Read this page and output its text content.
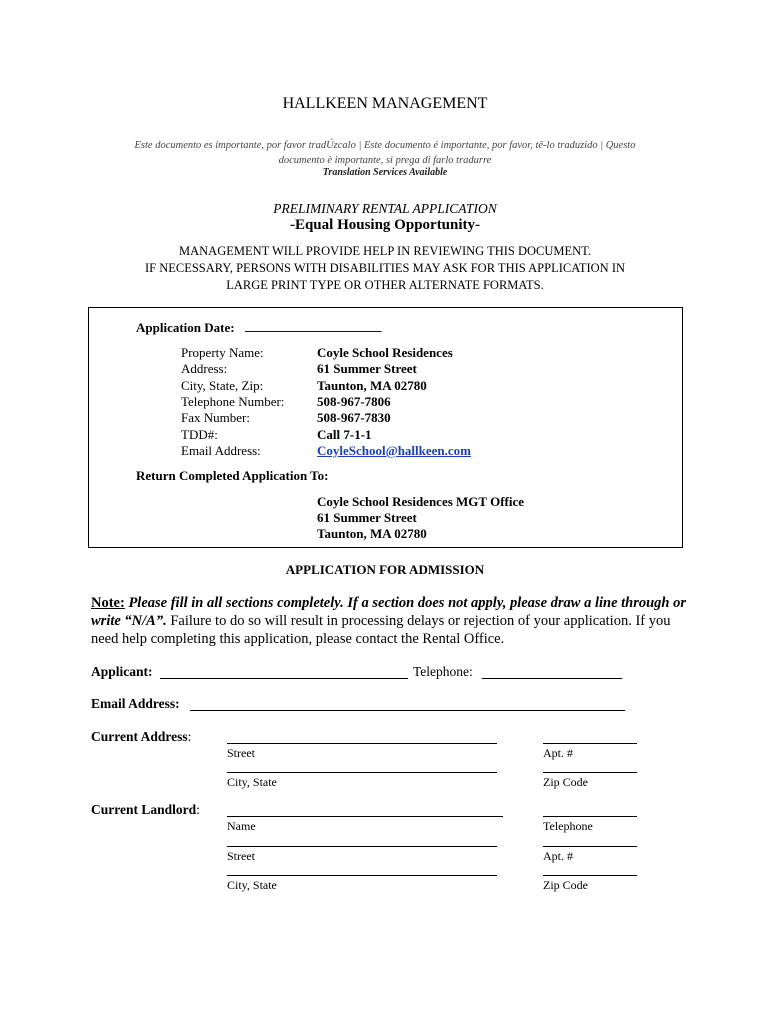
HALLKEEN MANAGEMENT
Este documento es importante, por favor tradÚzcalo | Este documento é importante, por favor, tê-lo traduzido | Questo
documento è importante, si prega di farlo tradurre
Translation Services Available
PRELIMINARY RENTAL APPLICATION
-Equal Housing Opportunity-
MANAGEMENT WILL PROVIDE HELP IN REVIEWING THIS DOCUMENT.
IF NECESSARY, PERSONS WITH DISABILITIES MAY ASK FOR THIS APPLICATION IN
LARGE PRINT TYPE OR OTHER ALTERNATE FORMATS.
Application Date: _____________________
Property Name:	Coyle School Residences
Address:	61 Summer Street
City, State, Zip:	Taunton, MA 02780
Telephone Number:	508-967-7806
Fax Number:	508-967-7830
TDD#:	Call 7-1-1
Email Address:	CoyleSchool@hallkeen.com
Return Completed Application To:
Coyle School Residences MGT Office
61 Summer Street
Taunton, MA 02780
APPLICATION FOR ADMISSION
Note: Please fill in all sections completely. If a section does not apply, please draw a line through or write “N/A”. Failure to do so will result in processing delays or rejection of your application. If you need help completing this application, please contact the Rental Office.
Applicant:	Telephone:
Email Address:
Current Address:
Street	Apt. #
City, State	Zip Code
Current Landlord:
Name	Telephone
Street	Apt. #
City, State	Zip Code
